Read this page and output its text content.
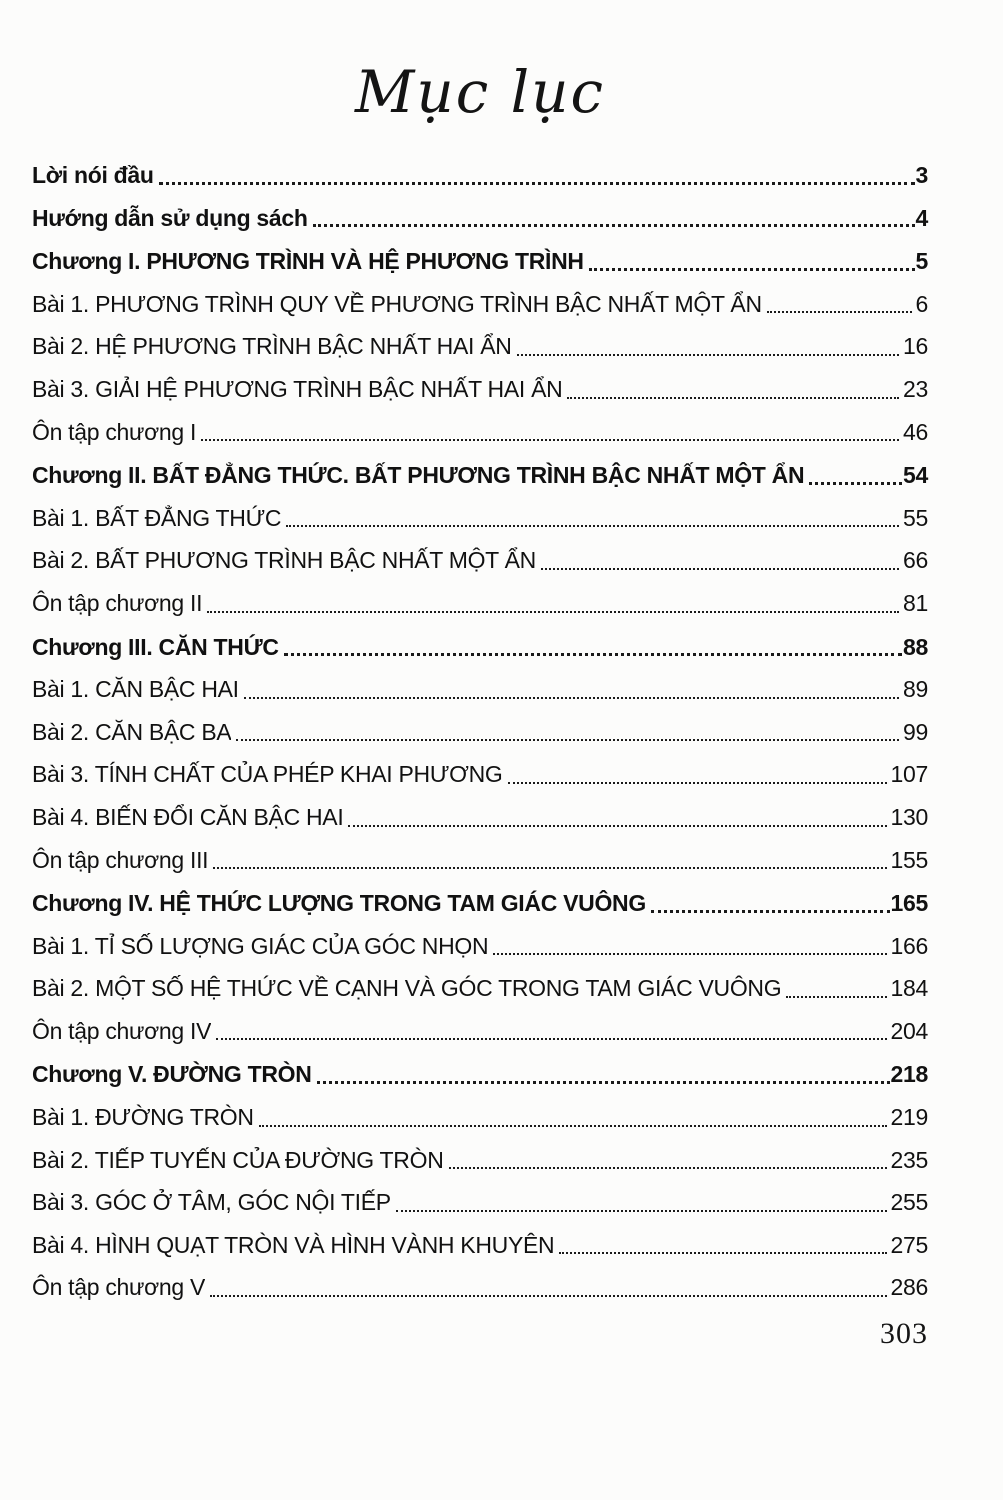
Mục lục
Lời nói đầu	3
Hướng dẫn sử dụng sách	4
Chương I. PHƯƠNG TRÌNH VÀ HỆ PHƯƠNG TRÌNH	5
Bài 1. PHƯƠNG TRÌNH QUY VỀ PHƯƠNG TRÌNH BẬC NHẤT MỘT ẨN	6
Bài 2. HỆ PHƯƠNG TRÌNH BẬC NHẤT HAI ẨN	16
Bài 3. GIẢI HỆ PHƯƠNG TRÌNH BẬC NHẤT HAI ẨN	23
Ôn tập chương I	46
Chương II. BẤT ĐẲNG THỨC. BẤT PHƯƠNG TRÌNH BẬC NHẤT MỘT ẨN	54
Bài 1. BẤT ĐẲNG THỨC	55
Bài 2. BẤT PHƯƠNG TRÌNH BẬC NHẤT MỘT ẨN	66
Ôn tập chương II	81
Chương III. CĂN THỨC	88
Bài 1. CĂN BẬC HAI	89
Bài 2. CĂN BẬC BA	99
Bài 3. TÍNH CHẤT CỦA PHÉP KHAI PHƯƠNG	107
Bài 4. BIẾN ĐỔI CĂN BẬC HAI	130
Ôn tập chương III	155
Chương IV. HỆ THỨC LƯỢNG TRONG TAM GIÁC VUÔNG	165
Bài 1. TỈ SỐ LƯỢNG GIÁC CỦA GÓC NHỌN	166
Bài 2. MỘT SỐ HỆ THỨC VỀ CẠNH VÀ GÓC TRONG TAM GIÁC VUÔNG	184
Ôn tập chương IV	204
Chương V. ĐƯỜNG TRÒN	218
Bài 1. ĐƯỜNG TRÒN	219
Bài 2. TIẾP TUYẾN CỦA ĐƯỜNG TRÒN	235
Bài 3. GÓC Ở TÂM, GÓC NỘI TIẾP	255
Bài 4. HÌNH QUẠT TRÒN VÀ HÌNH VÀNH KHUYÊN	275
Ôn tập chương V	286
303
